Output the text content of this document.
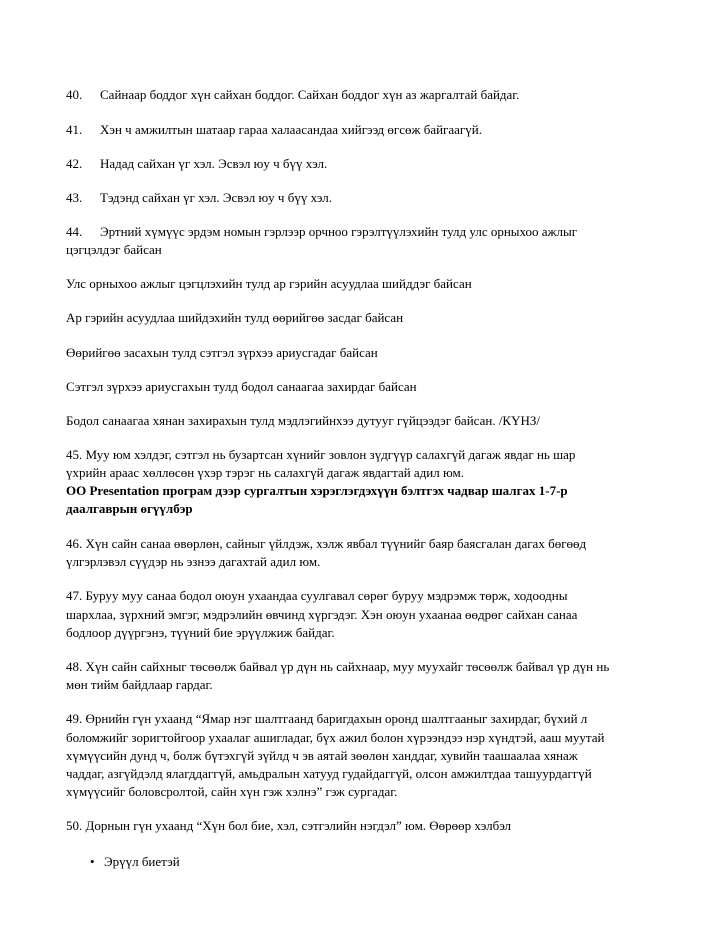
40. Сайнаар боддог хүн сайхан боддог. Сайхан боддог хүн аз жаргалтай байдаг.
41. Хэн ч амжилтын шатаар гараа халаасандаа хийгээд өгсөж байгаагүй.
42. Надад сайхан үг хэл. Эсвэл юу ч бүү хэл.
43. Тэдэнд сайхан үг хэл. Эсвэл юу ч бүү хэл.
44. Эртний хүмүүс эрдэм номын гэрлээр орчноо гэрэлтүүлэхийн тулд улс орныхоо ажлыг
цэгцэлдэг байсан
Улс орныхоо ажлыг цэгцлэхийн тулд ар гэрийн асуудлаа шийддэг байсан
Ар гэрийн асуудлаа шийдэхийн тулд өөрийгөө засдаг байсан
Өөрийгөө засахын тулд сэтгэл зүрхээ ариусгадаг байсан
Сэтгэл зүрхээ ариусгахын тулд бодол санаагаа захирдаг байсан
Бодол санаагаа хянан захирахын тулд мэдлэгийнхээ дутууг гүйцээдэг байсан. /КҮНЗ/
45. Муу юм хэлдэг, сэтгэл нь бузартсан хүнийг зовлон зүдгүүр салахгүй дагаж явдаг нь шар
үхрийн араас хөллөсөн үхэр тэрэг нь салахгүй дагаж явдагтай адил юм.
ОО Presentation програм дээр сургалтын хэрэглэгдэхүүн бэлтгэх чадвар шалгах 1-7-р
даалгаврын өгүүлбэр
46. Хүн сайн санаа өвөрлөн, сайныг үйлдэж, хэлж явбал түүнийг баяр баясгалан дагах бөгөөд
үлгэрлэвэл сүүдэр нь эзнээ дагахтай адил юм.
47. Буруу муу санаа бодол оюун ухаандаа суулгавал сөрөг буруу мэдрэмж төрж, ходоодны
шархлаа, зүрхний эмгэг, мэдрэлийн өвчинд хүргэдэг. Хэн оюун ухаанаа өөдрөг сайхан санаа
бодлоор дүүргэнэ, түүний бие эрүүлжиж байдаг.
48. Хүн сайн сайхныг төсөөлж байвал үр дүн нь сайхнаар, муу муухайг төсөөлж байвал үр дүн нь
мөн тийм байдлаар гардаг.
49. Өрнийн гүн ухаанд “Ямар нэг шалтгаанд баригдахын оронд шалтгааныг захирдаг, бүхий л
боломжийг зоригтойгоор ухаалаг ашигладаг, бүх ажил болон хүрээндээ нэр хүндтэй, ааш муутай
хүмүүсийн дунд ч, болж бүтэхгүй зүйлд ч эв аятай зөөлөн ханддаг, хувийн таашаалаа хянаж
чаддаг, азгүйдэлд ялагддаггүй, амьдралын хатууд гудайдаггүй, олсон амжилтдаа ташуурдаггүй
хүмүүсийг боловсролтой, сайн хүн гэж хэлнэ” гэж сургадаг.
50. Дорнын гүн ухаанд “Хүн бол бие, хэл, сэтгэлийн нэгдэл” юм. Өөрөөр хэлбэл
• Эрүүл биетэй
